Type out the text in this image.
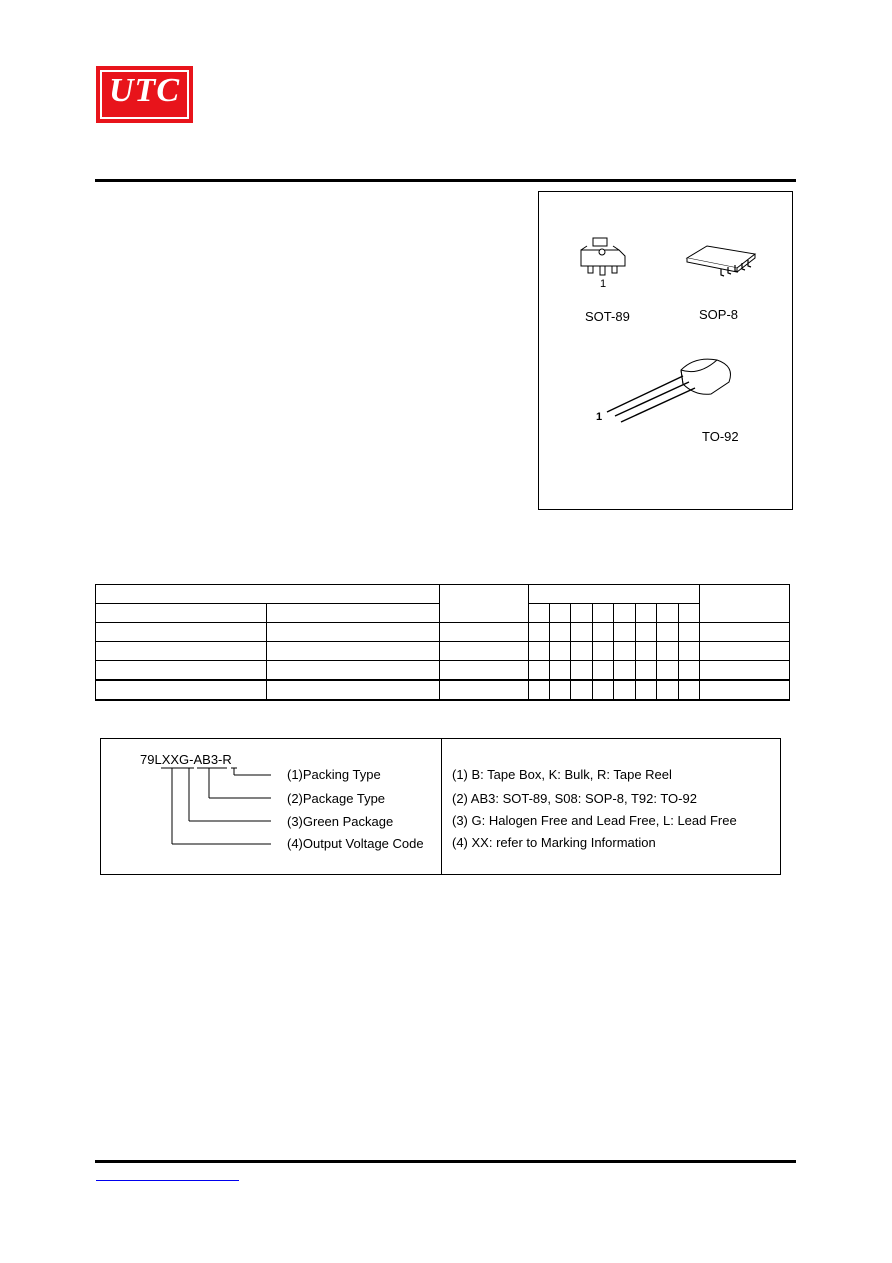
UTC
1
SOT-89	SOP-8
1
TO-92

79LXXG-AB3-R
(1)Packing Type
(2)Package Type
(3)Green Package
(4)Output Voltage Code
(1) B: Tape Box, K: Bulk, R: Tape Reel
(2) AB3: SOT-89, S08: SOP-8, T92: TO-92
(3) G: Halogen Free and Lead Free, L: Lead Free
(4) XX: refer to Marking Information
